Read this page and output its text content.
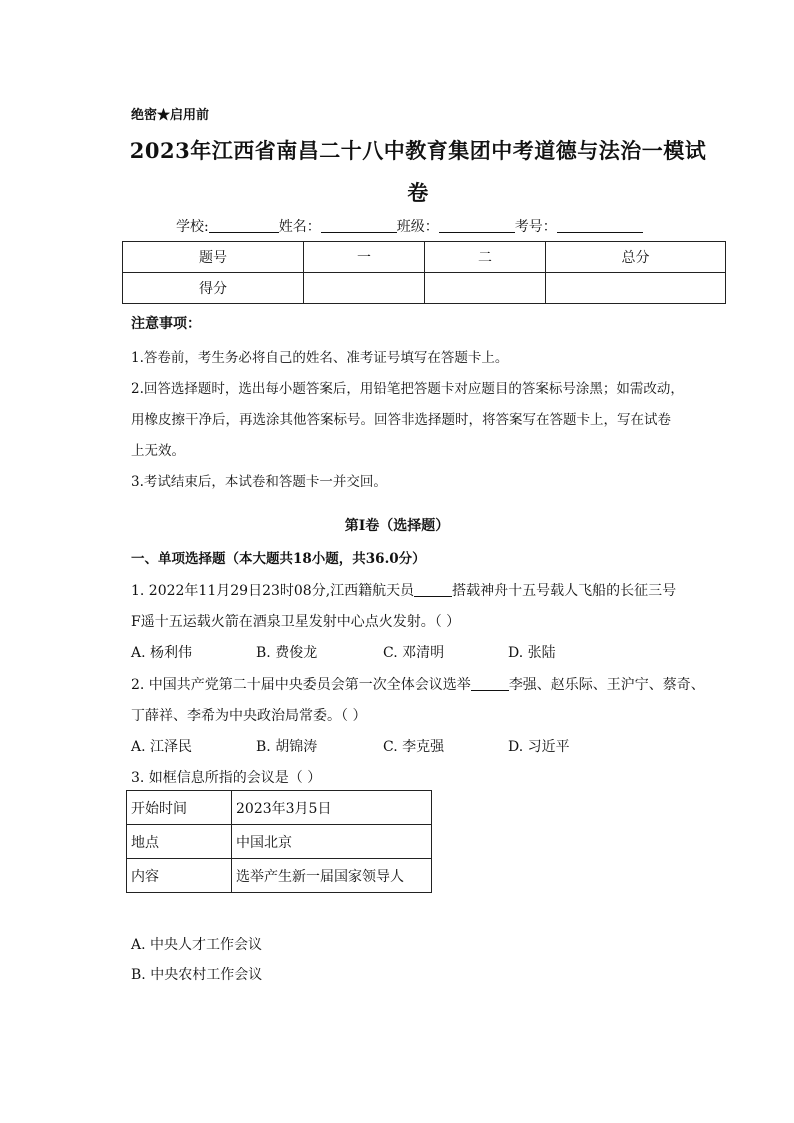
绝密★启用前
2023年江西省南昌二十八中教育集团中考道德与法治一模试
卷
学校:	姓名：	班级：	考号：
题号	一	二	总分
得分			
注意事项：
1.答卷前，考生务必将自己的姓名、准考证号填写在答题卡上。
2.回答选择题时，选出每小题答案后，用铅笔把答题卡对应题目的答案标号涂黑；如需改动，
用橡皮擦干净后，再选涂其他答案标号。回答非选择题时，将答案写在答题卡上，写在试卷
上无效。
3.考试结束后，本试卷和答题卡一并交回。
第I卷（选择题）
一、单项选择题（本大题共18小题，共36.0分）
1. 2022年11月29日23时08分,江西籍航天员	搭载神舟十五号载人飞船的长征三号
F遥十五运载火箭在酒泉卫星发射中心点火发射。（ ）
A. 杨利伟	B. 费俊龙	C. 邓清明	D. 张陆
2. 中国共产党第二十届中央委员会第一次全体会议选举	李强、赵乐际、王沪宁、蔡奇、
丁薛祥、李希为中央政治局常委。（ ）
A. 江泽民	B. 胡锦涛	C. 李克强	D. 习近平
3. 如框信息所指的会议是（ ）
开始时间	2023年3月5日
地点	中国北京
内容	选举产生新一届国家领导人
A. 中央人才工作会议
B. 中央农村工作会议
